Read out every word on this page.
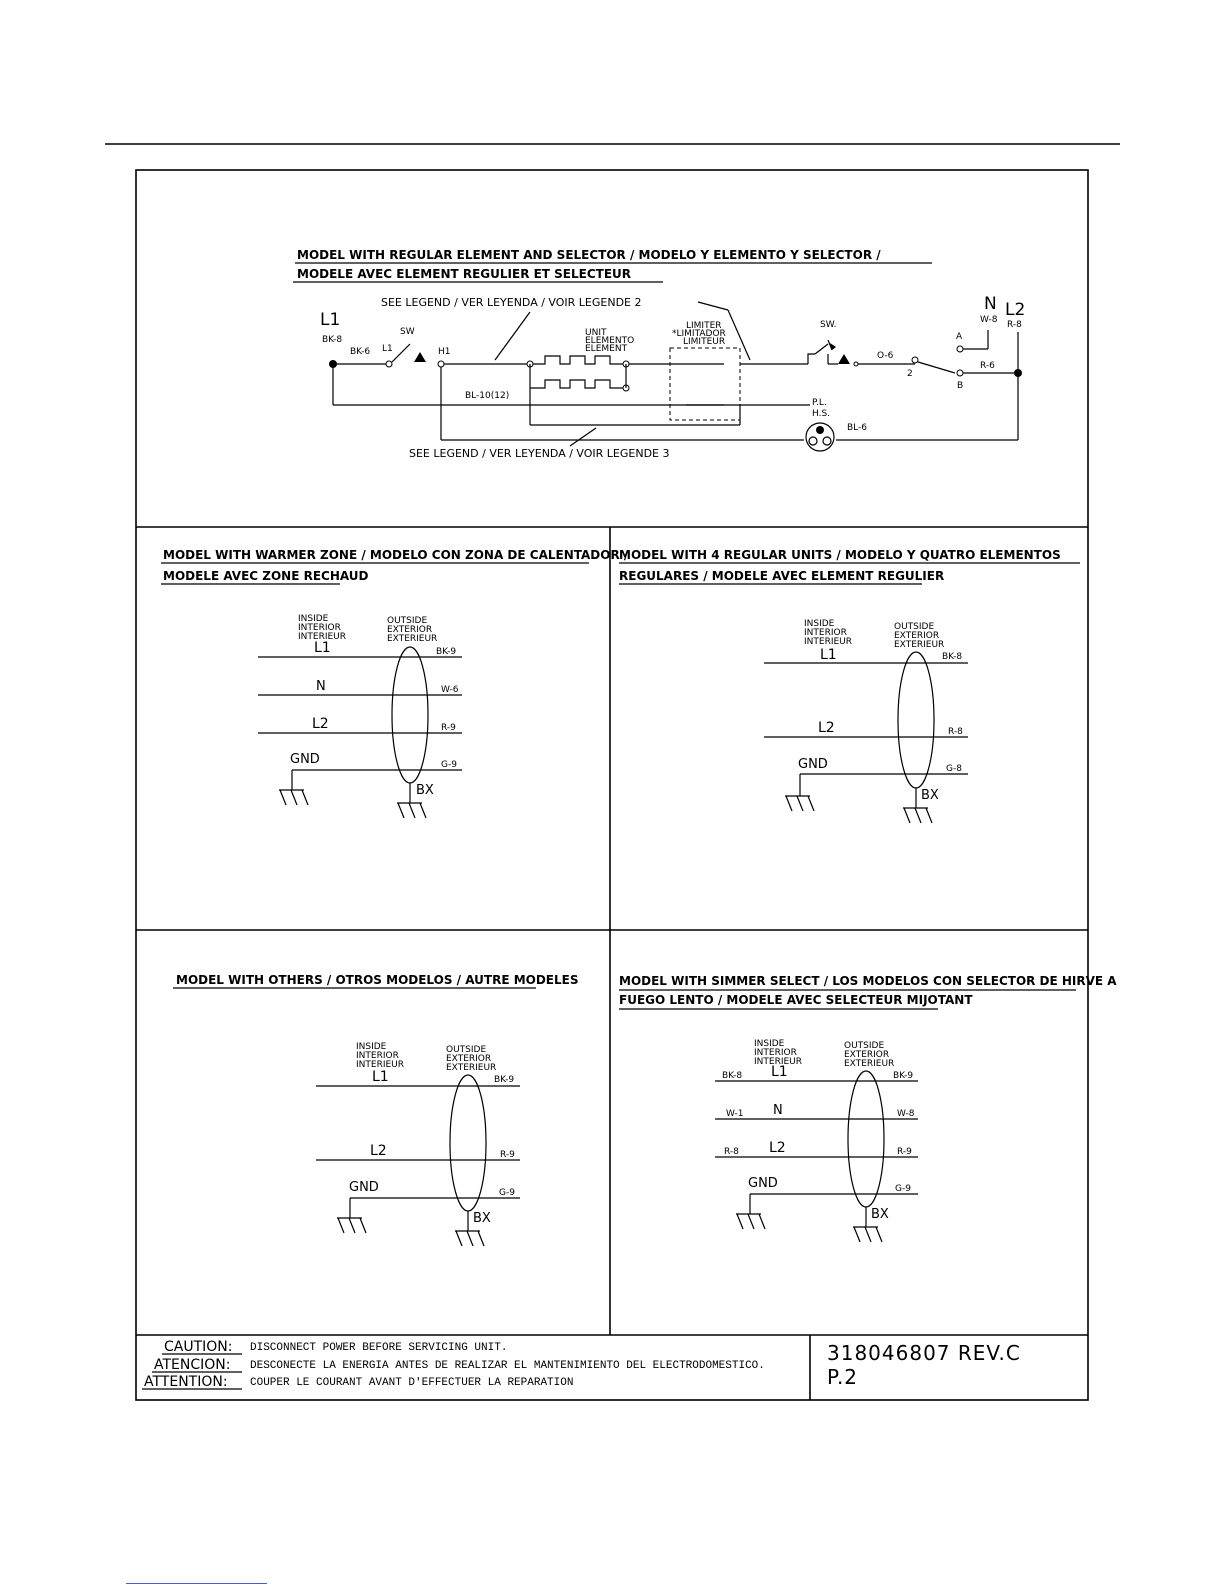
MODEL WITH REGULAR ELEMENT AND SELECTOR / MODELO Y ELEMENTO Y SELECTOR /
MODELE AVEC ELEMENT REGULIER ET SELECTEUR
SEE LEGEND / VER LEYENDA / VOIR LEGENDE 2
L1
BK-8
BK-6 L1
SW
H1
UNIT
ELEMENTO
ELEMENT
BL-10(12)
LIMITER
*LIMITADOR
LIMITEUR
SW.
O-6
2
A
B
N
W-8 L2
R-8
R-6
P.L.
H.S.
BL-6
SEE LEGEND / VER LEYENDA / VOIR LEGENDE 3
MODEL WITH WARMER ZONE / MODELO CON ZONA DE CALENTADOR /
MODELE AVEC ZONE RECHAUD
INSIDE
INTERIOR
INTERIEUR
OUTSIDE
EXTERIOR
EXTERIEUR
L1
N
L2
GND
BK-9
W-6
R-9
G-9
BX
MODEL WITH 4 REGULAR UNITS / MODELO Y QUATRO ELEMENTOS
REGULARES / MODELE AVEC ELEMENT REGULIER
INSIDE
INTERIOR
INTERIEUR
OUTSIDE
EXTERIOR
EXTERIEUR
L1
L2
GND
BK-8
R-8
G-8
BX
MODEL WITH OTHERS / OTROS MODELOS / AUTRE MODELES
INSIDE
INTERIOR
INTERIEUR
OUTSIDE
EXTERIOR
EXTERIEUR
L1
L2
GND
BK-9
R-9
G-9
BX
MODEL WITH SIMMER SELECT / LOS MODELOS CON SELECTOR DE HIRVE A
FUEGO LENTO / MODELE AVEC SELECTEUR MIJOTANT
INSIDE
INTERIOR
INTERIEUR
OUTSIDE
EXTERIOR
EXTERIEUR
BK-8
W-1
R-8
L1
N
L2
GND
BK-9
W-8
R-9
G-9
BX
CAUTION: DISCONNECT POWER BEFORE SERVICING UNIT.
ATENCION: DESCONECTE LA ENERGIA ANTES DE REALIZAR EL MANTENIMIENTO DEL ELECTRODOMESTICO.
ATTENTION: COUPER LE COURANT AVANT D'EFFECTUER LA REPARATION
318046807 REV.C
P.2
